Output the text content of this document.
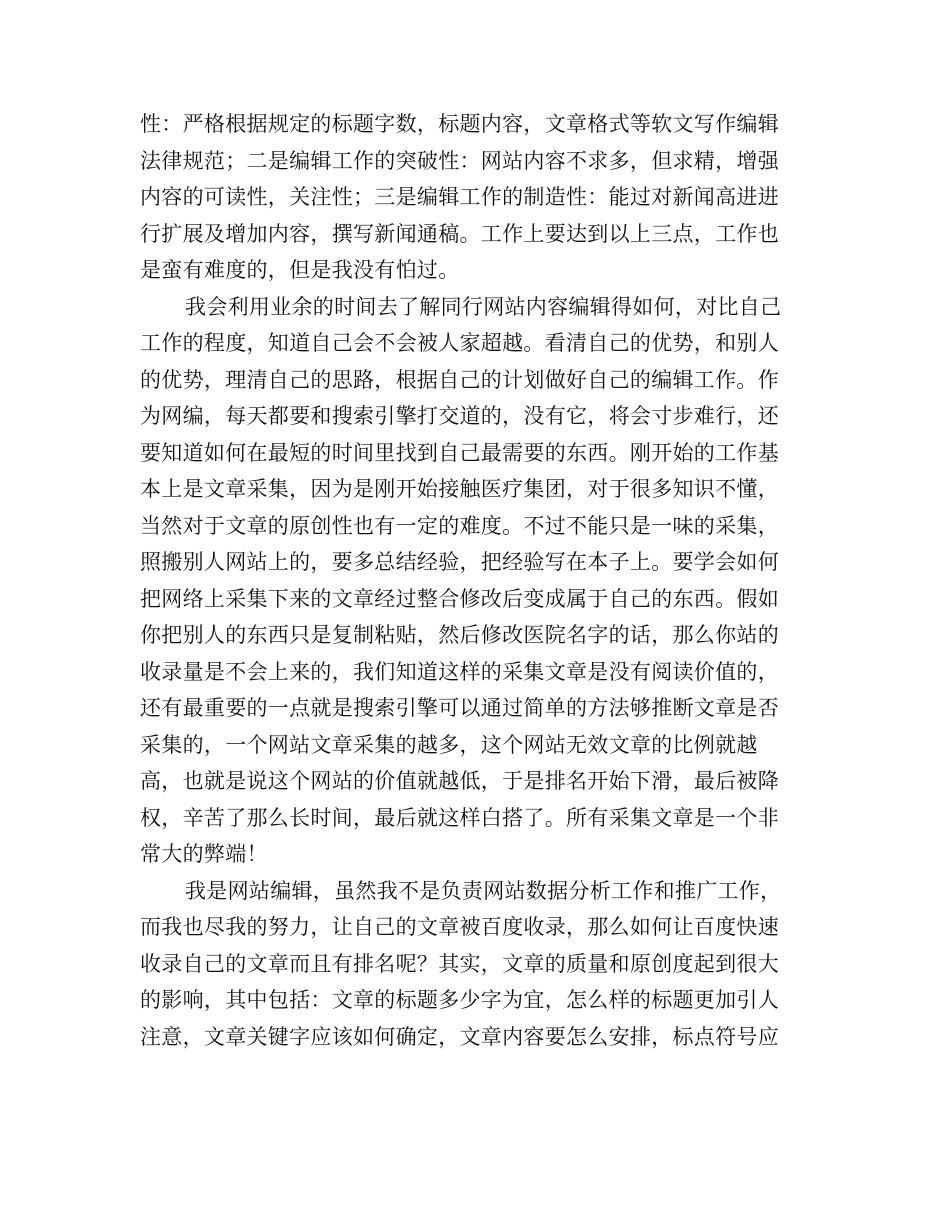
性：严格根据规定的标题字数，标题内容，文章格式等软文写作编辑
法律规范；二是编辑工作的突破性：网站内容不求多，但求精，增强
内容的可读性，关注性；三是编辑工作的制造性：能过对新闻高进进
行扩展及增加内容，撰写新闻通稿。工作上要达到以上三点，工作也
是蛮有难度的，但是我没有怕过。
我会利用业余的时间去了解同行网站内容编辑得如何，对比自己
工作的程度，知道自己会不会被人家超越。看清自己的优势，和别人
的优势，理清自己的思路，根据自己的计划做好自己的编辑工作。作
为网编，每天都要和搜索引擎打交道的，没有它，将会寸步难行，还
要知道如何在最短的时间里找到自己最需要的东西。刚开始的工作基
本上是文章采集，因为是刚开始接触医疗集团，对于很多知识不懂，
当然对于文章的原创性也有一定的难度。不过不能只是一味的采集，
照搬别人网站上的，要多总结经验，把经验写在本子上。要学会如何
把网络上采集下来的文章经过整合修改后变成属于自己的东西。假如
你把别人的东西只是复制粘贴，然后修改医院名字的话，那么你站的
收录量是不会上来的，我们知道这样的采集文章是没有阅读价值的，
还有最重要的一点就是搜索引擎可以通过简单的方法够推断文章是否
采集的，一个网站文章采集的越多，这个网站无效文章的比例就越
高，也就是说这个网站的价值就越低，于是排名开始下滑，最后被降
权，辛苦了那么长时间，最后就这样白搭了。所有采集文章是一个非
常大的弊端！
我是网站编辑，虽然我不是负责网站数据分析工作和推广工作，
而我也尽我的努力，让自己的文章被百度收录，那么如何让百度快速
收录自己的文章而且有排名呢？其实，文章的质量和原创度起到很大
的影响，其中包括：文章的标题多少字为宜，怎么样的标题更加引人
注意，文章关键字应该如何确定，文章内容要怎么安排，标点符号应
